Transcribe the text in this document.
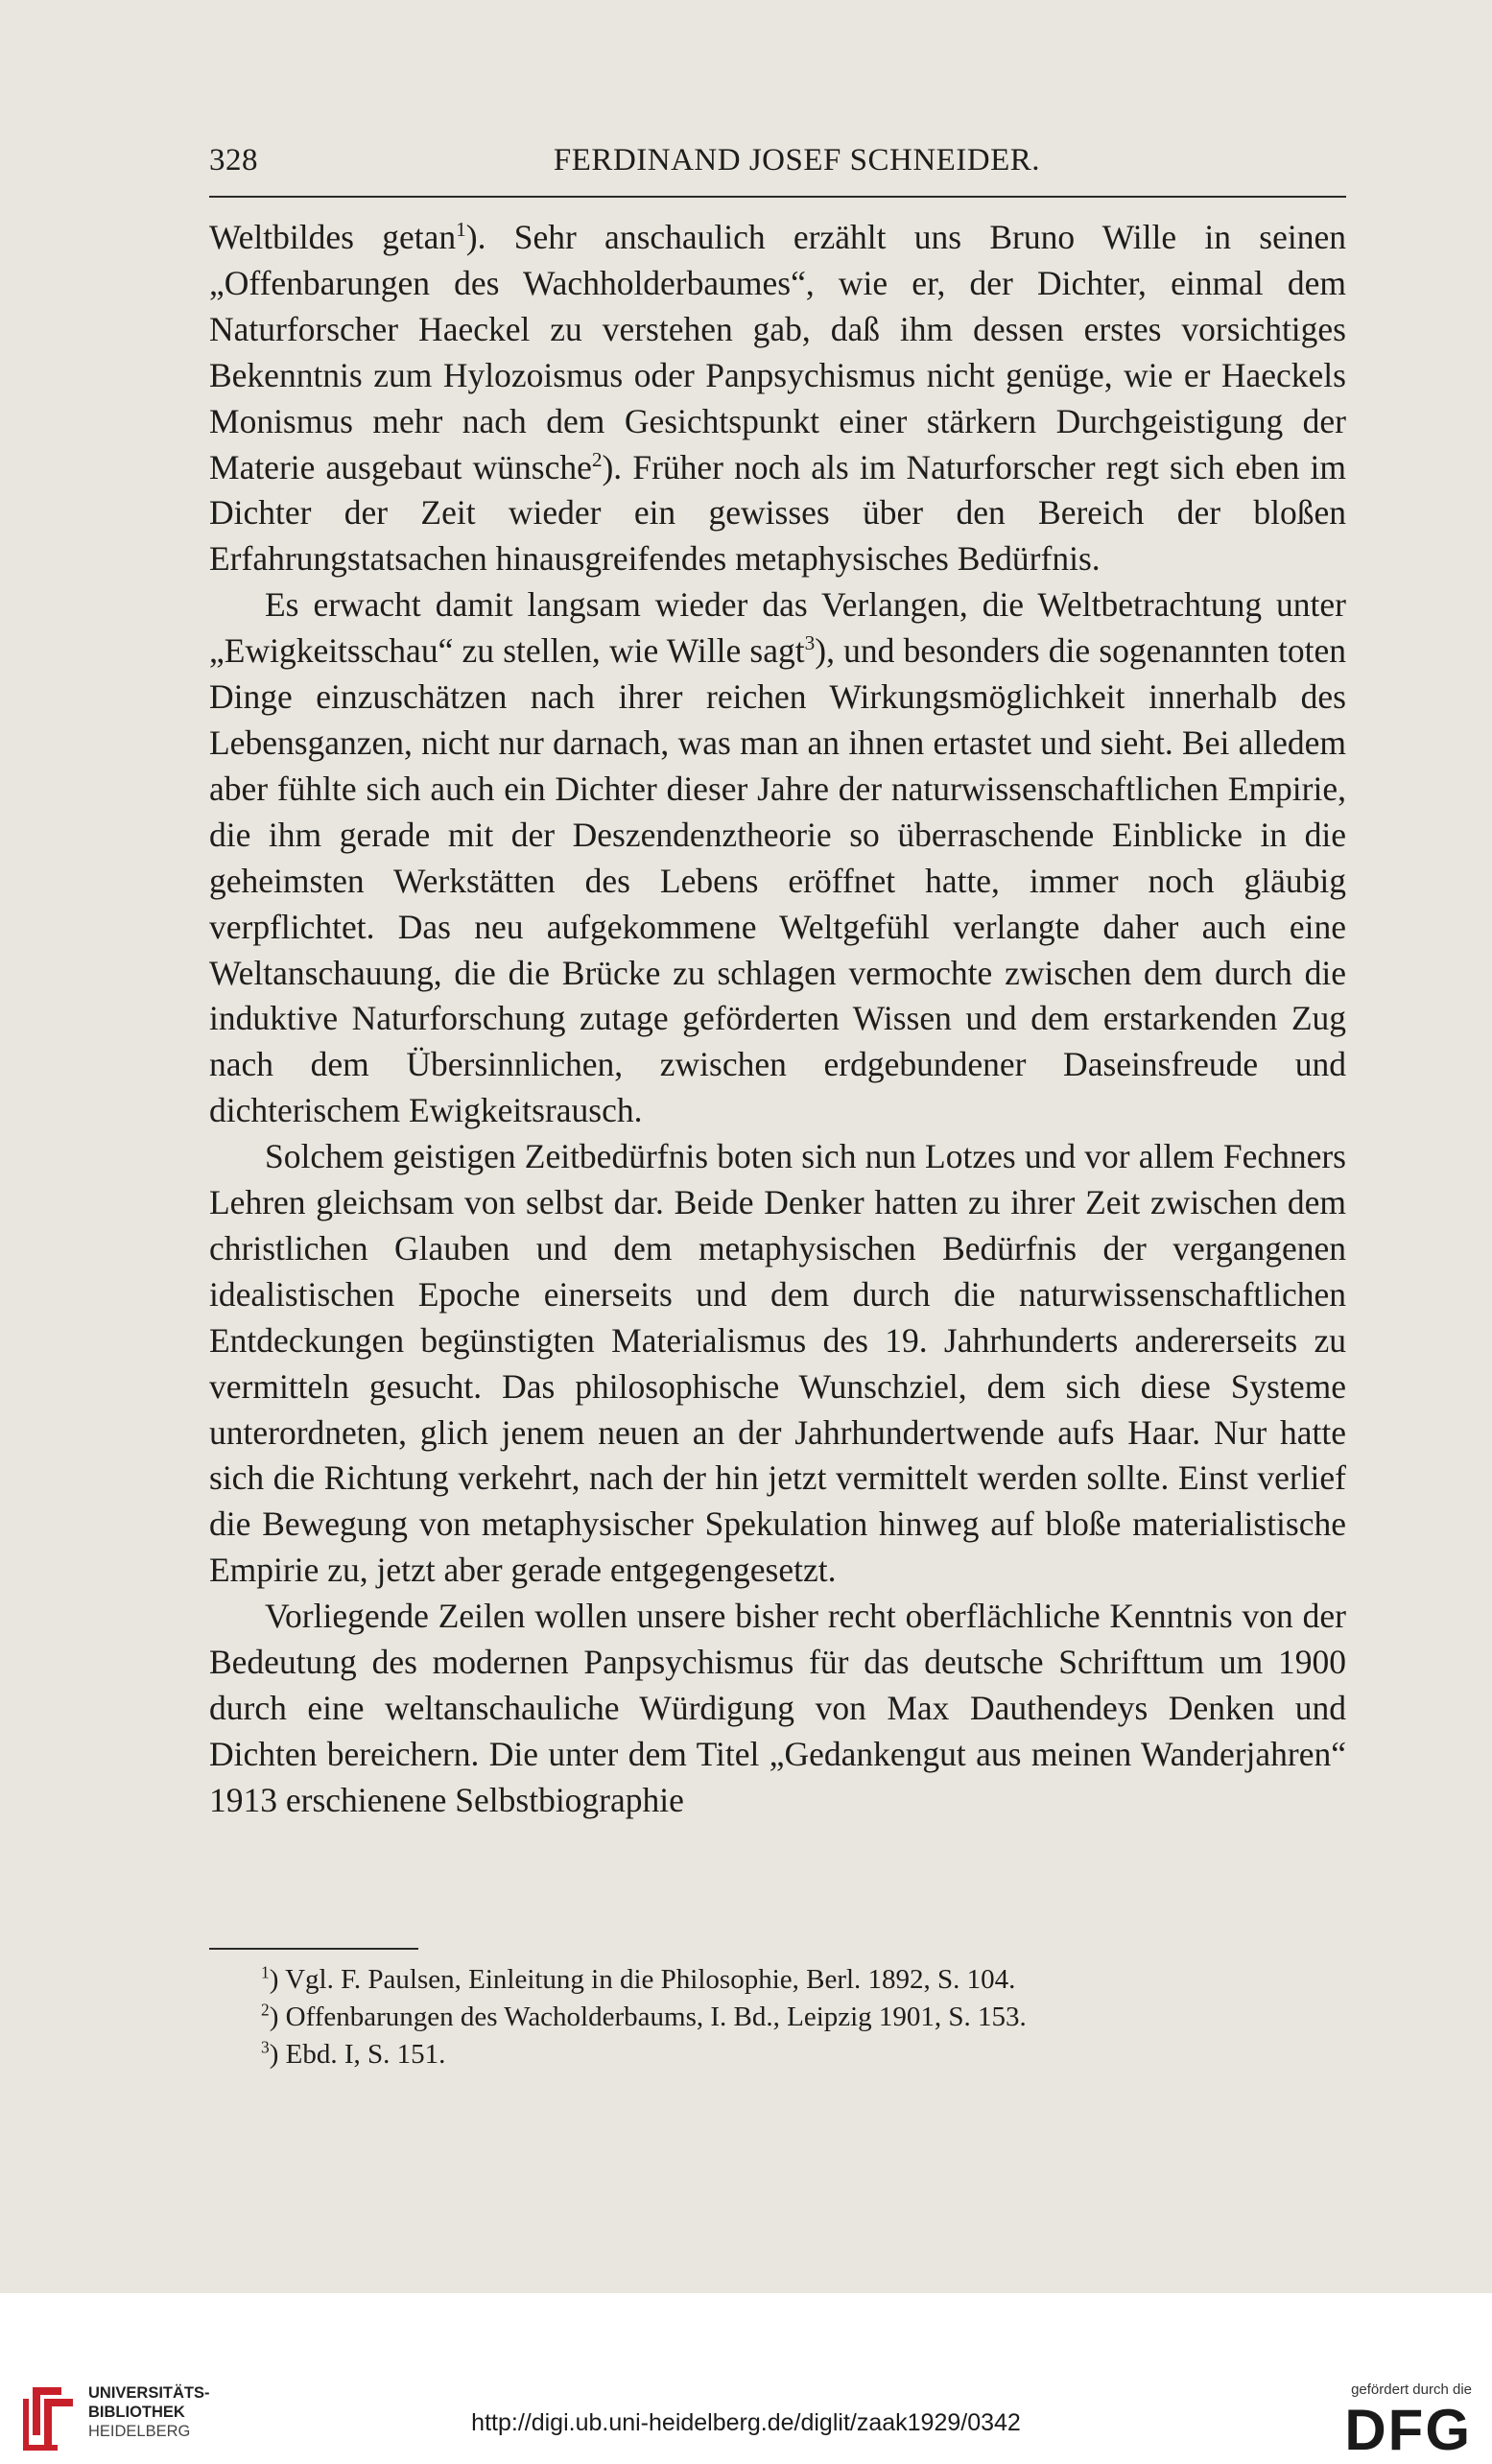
328	FERDINAND JOSEF SCHNEIDER.

Weltbildes getan$^1$). Sehr anschaulich erzählt uns Bruno Wille in seinen „Offenbarungen des Wachholderbaumes“, wie er, der Dichter, einmal dem Naturforscher Haeckel zu verstehen gab, daß ihm dessen erstes vorsichtiges Bekenntnis zum Hylozoismus oder Panpsychismus nicht genüge, wie er Haeckels Monismus mehr nach dem Gesichtspunkt einer stärkern Durchgeistigung der Materie ausgebaut wünsche$^2$). Früher noch als im Naturforscher regt sich eben im Dichter der Zeit wieder ein gewisses über den Bereich der bloßen Erfahrungstatsachen hinausgreifendes metaphysisches Bedürfnis.

Es erwacht damit langsam wieder das Verlangen, die Weltbetrachtung unter „Ewigkeitsschau“ zu stellen, wie Wille sagt$^3$), und besonders die sogenannten toten Dinge einzuschätzen nach ihrer reichen Wirkungsmöglichkeit innerhalb des Lebensganzen, nicht nur darnach, was man an ihnen ertastet und sieht. Bei alledem aber fühlte sich auch ein Dichter dieser Jahre der naturwissenschaftlichen Empirie, die ihm gerade mit der Deszendenztheorie so überraschende Einblicke in die geheimsten Werkstätten des Lebens eröffnet hatte, immer noch gläubig verpflichtet. Das neu aufgekommene Weltgefühl verlangte daher auch eine Weltanschauung, die die Brücke zu schlagen vermochte zwischen dem durch die induktive Naturforschung zutage geförderten Wissen und dem erstarkenden Zug nach dem Übersinnlichen, zwischen erdgebundener Daseinsfreude und dichterischem Ewigkeitsrausch.

Solchem geistigen Zeitbedürfnis boten sich nun Lotzes und vor allem Fechners Lehren gleichsam von selbst dar. Beide Denker hatten zu ihrer Zeit zwischen dem christlichen Glauben und dem metaphysischen Bedürfnis der vergangenen idealistischen Epoche einerseits und dem durch die naturwissenschaftlichen Entdeckungen begünstigten Materialismus des 19. Jahrhunderts andererseits zu vermitteln gesucht. Das philosophische Wunschziel, dem sich diese Systeme unterordneten, glich jenem neuen an der Jahrhundertwende aufs Haar. Nur hatte sich die Richtung verkehrt, nach der hin jetzt vermittelt werden sollte. Einst verlief die Bewegung von metaphysischer Spekulation hinweg auf bloße materialistische Empirie zu, jetzt aber gerade entgegengesetzt.

Vorliegende Zeilen wollen unsere bisher recht oberflächliche Kenntnis von der Bedeutung des modernen Panpsychismus für das deutsche Schrifttum um 1900 durch eine weltanschauliche Würdigung von Max Dauthendeys Denken und Dichten bereichern. Die unter dem Titel „Gedankengut aus meinen Wanderjahren“ 1913 erschienene Selbstbiographie

$^1$) Vgl. F. Paulsen, Einleitung in die Philosophie, Berl. 1892, S. 104.
$^2$) Offenbarungen des Wacholderbaums, I. Bd., Leipzig 1901, S. 153.
$^3$) Ebd. I, S. 151.
UNIVERSITÄTS-
BIBLIOTHEK
HEIDELBERG	http://digi.ub.uni-heidelberg.de/diglit/zaak1929/0342
gefördert durch die
DFG
